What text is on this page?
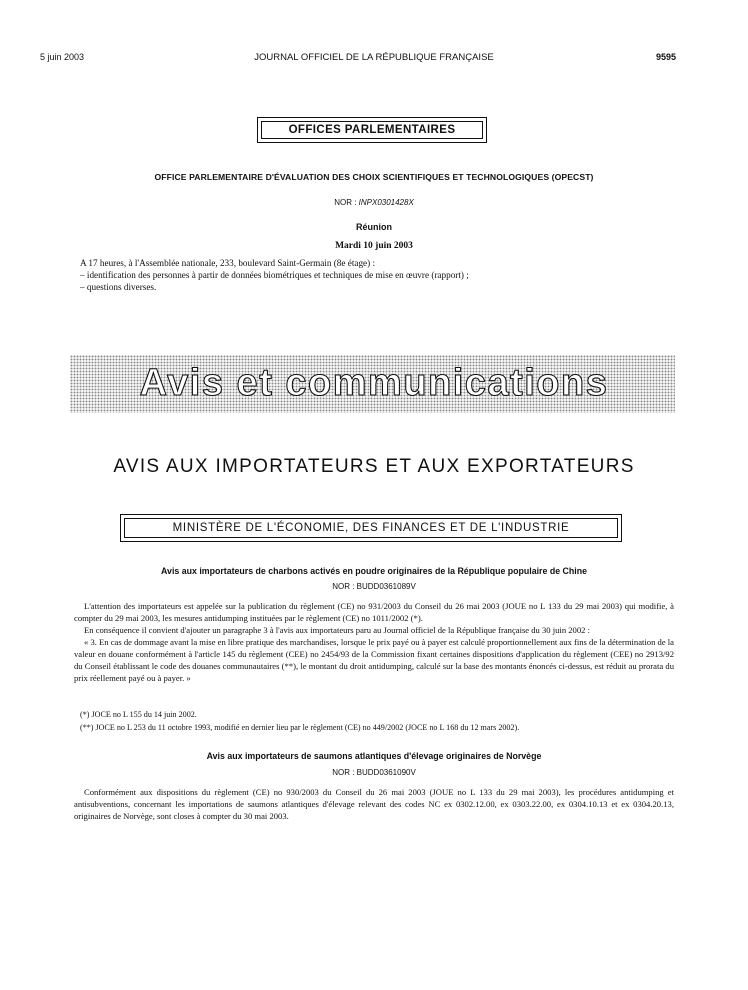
5 juin 2003	JOURNAL OFFICIEL DE LA RÉPUBLIQUE FRANÇAISE	9595
OFFICES PARLEMENTAIRES
OFFICE PARLEMENTAIRE D'ÉVALUATION DES CHOIX SCIENTIFIQUES ET TECHNOLOGIQUES (OPECST)
NOR : INPX0301428X
Réunion
Mardi 10 juin 2003
A 17 heures, à l'Assemblée nationale, 233, boulevard Saint-Germain (8e étage) :
– identification des personnes à partir de données biométriques et techniques de mise en œuvre (rapport) ;
– questions diverses.
Avis et communications
AVIS AUX IMPORTATEURS ET AUX EXPORTATEURS
MINISTÈRE DE L'ÉCONOMIE, DES FINANCES ET DE L'INDUSTRIE
Avis aux importateurs de charbons activés en poudre originaires de la République populaire de Chine
NOR : BUDD0361089V

L'attention des importateurs est appelée sur la publication du règlement (CE) no 931/2003 du Conseil du 26 mai 2003 (JOUE no L 133 du 29 mai 2003) qui modifie, à compter du 29 mai 2003, les mesures antidumping instituées par le règlement (CE) no 1011/2002 (*).

En conséquence il convient d'ajouter un paragraphe 3 à l'avis aux importateurs paru au Journal officiel de la République française du 30 juin 2002 :

« 3. En cas de dommage avant la mise en libre pratique des marchandises, lorsque le prix payé ou à payer est calculé proportionnellement aux fins de la détermination de la valeur en douane conformément à l'article 145 du règlement (CEE) no 2454/93 de la Commission fixant certaines dispositions d'application du règlement (CEE) no 2913/92 du Conseil établissant le code des douanes communautaires (**), le montant du droit antidumping, calculé sur la base des montants énoncés ci-dessus, est réduit au prorata du prix réellement payé ou à payer. »

(*) JOCE no L 155 du 14 juin 2002.
(**) JOCE no L 253 du 11 octobre 1993, modifié en dernier lieu par le règlement (CE) no 449/2002 (JOCE no L 168 du 12 mars 2002).
Avis aux importateurs de saumons atlantiques d'élevage originaires de Norvège
NOR : BUDD0361090V

Conformément aux dispositions du règlement (CE) no 930/2003 du Conseil du 26 mai 2003 (JOUE no L 133 du 29 mai 2003), les procédures antidumping et antisubventions, concernant les importations de saumons atlantiques d'élevage relevant des codes NC ex 0302.12.00, ex 0303.22.00, ex 0304.10.13 et ex 0304.20.13, originaires de Norvège, sont closes à compter du 30 mai 2003.
